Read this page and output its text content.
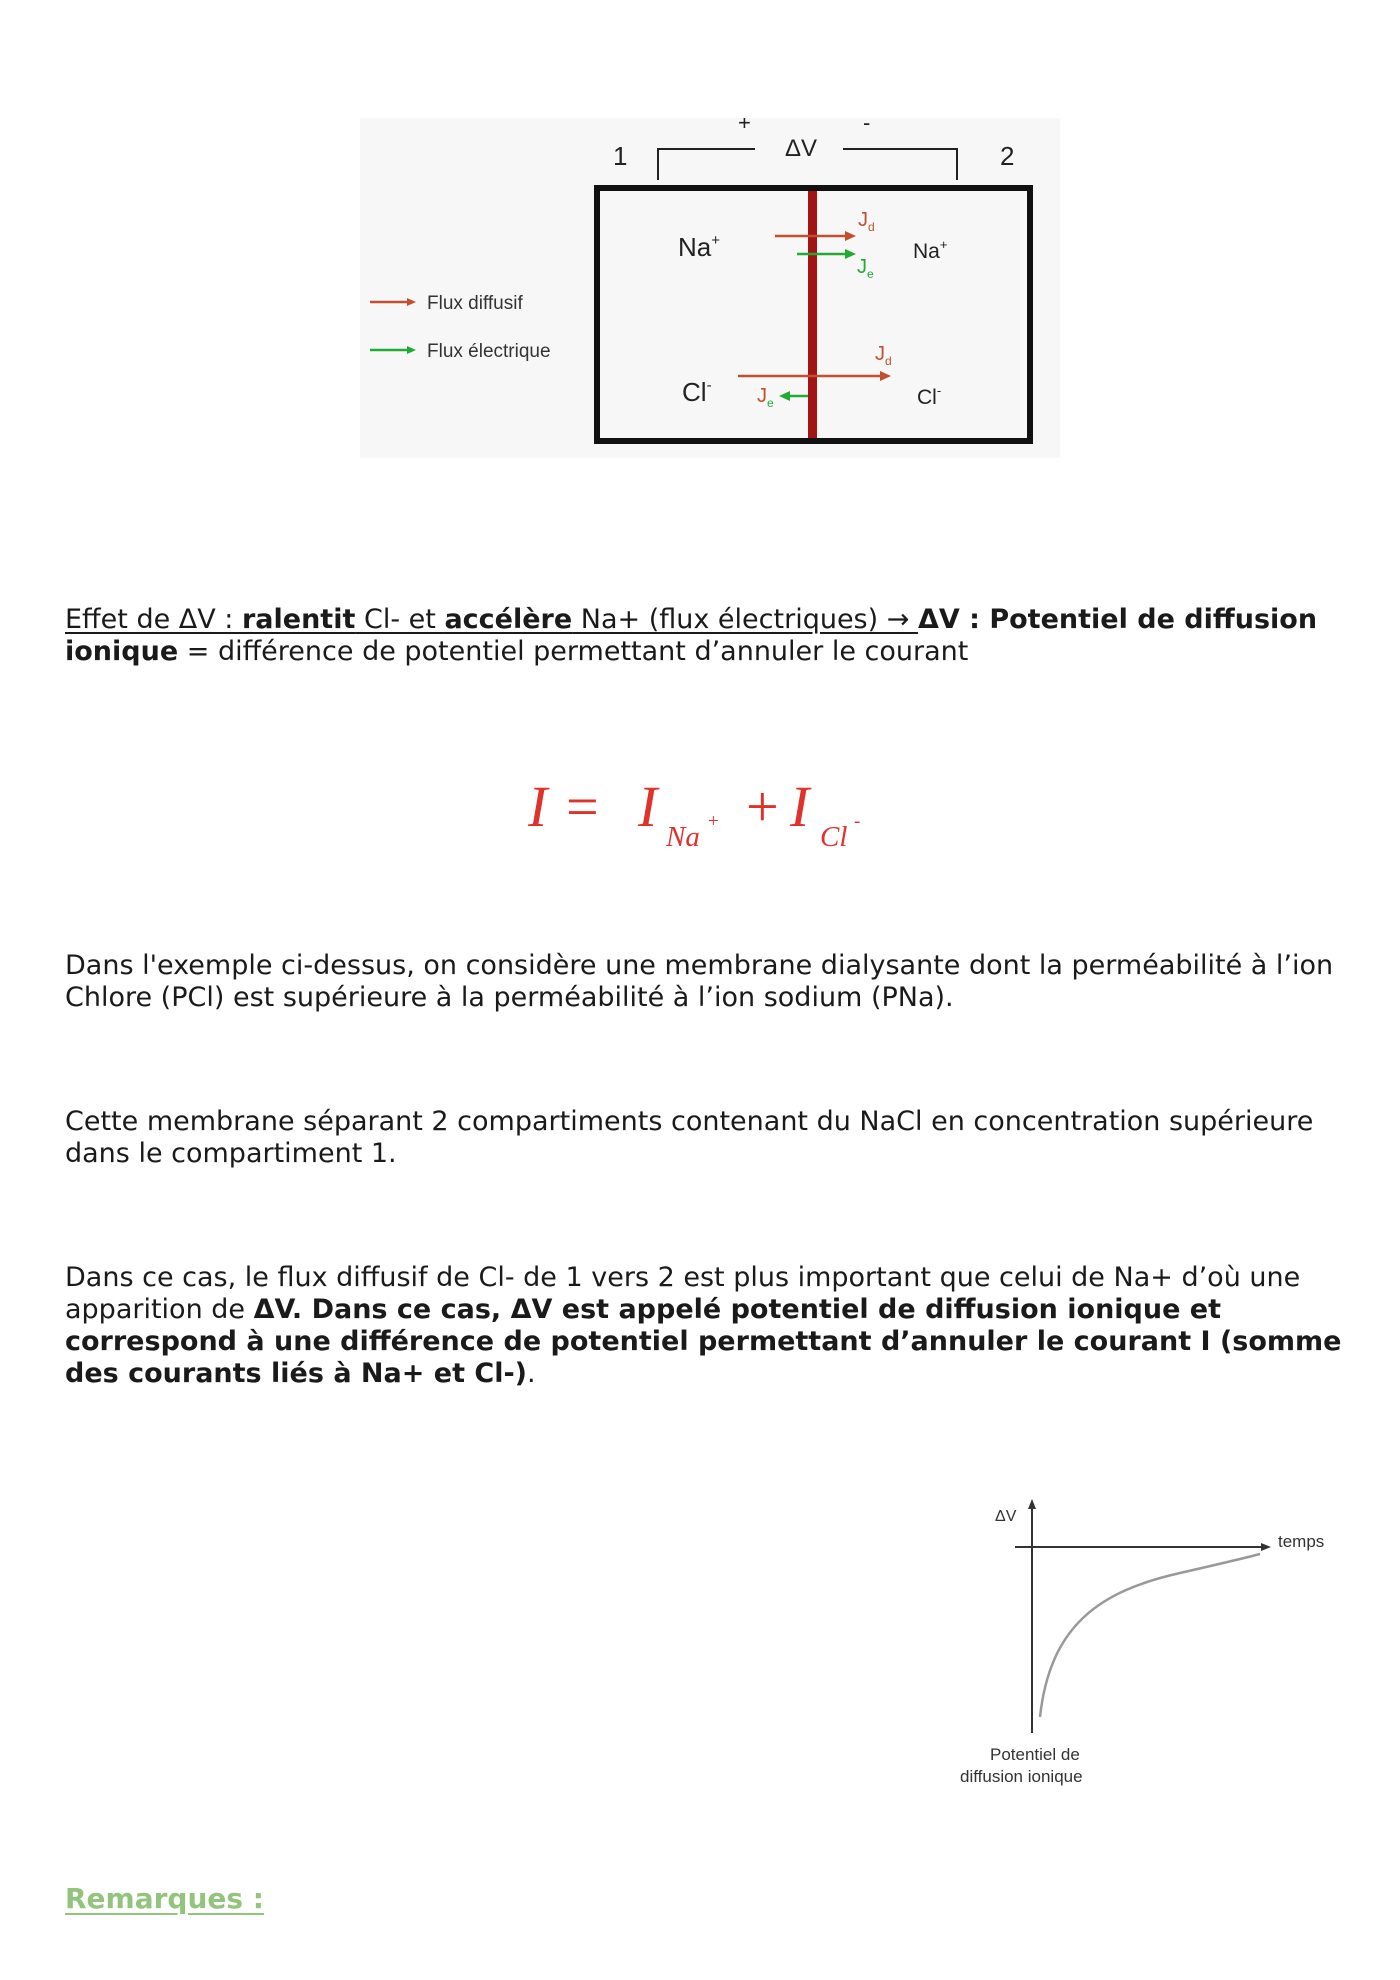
+	-
ΔV
1	2
Na+	Na+
Cl-
Cl-
$J_d$
$J_e$
$J_d$
$J_e$
Flux diffusif
Flux électrique
Effet de ΔV : ralentit Cl- et accélère Na+ (flux électriques) → ΔV : Potentiel de diffusion ionique = différence de potentiel permettant d’annuler le courant
I = I Na + + I Cl -
Dans l'exemple ci-dessus, on considère une membrane dialysante dont la perméabilité à l’ion Chlore (PCl) est supérieure à la perméabilité à l’ion sodium (PNa).
Cette membrane séparant 2 compartiments contenant du NaCl en concentration supérieure dans le compartiment 1.
Dans ce cas, le flux diffusif de Cl- de 1 vers 2 est plus important que celui de Na+ d’où une apparition de ΔV. Dans ce cas, ΔV est appelé potentiel de diffusion ionique et correspond à une différence de potentiel permettant d’annuler le courant I (somme des courants liés à Na+ et Cl-).
ΔV
temps
Potentiel de
diffusion ionique
Remarques :
